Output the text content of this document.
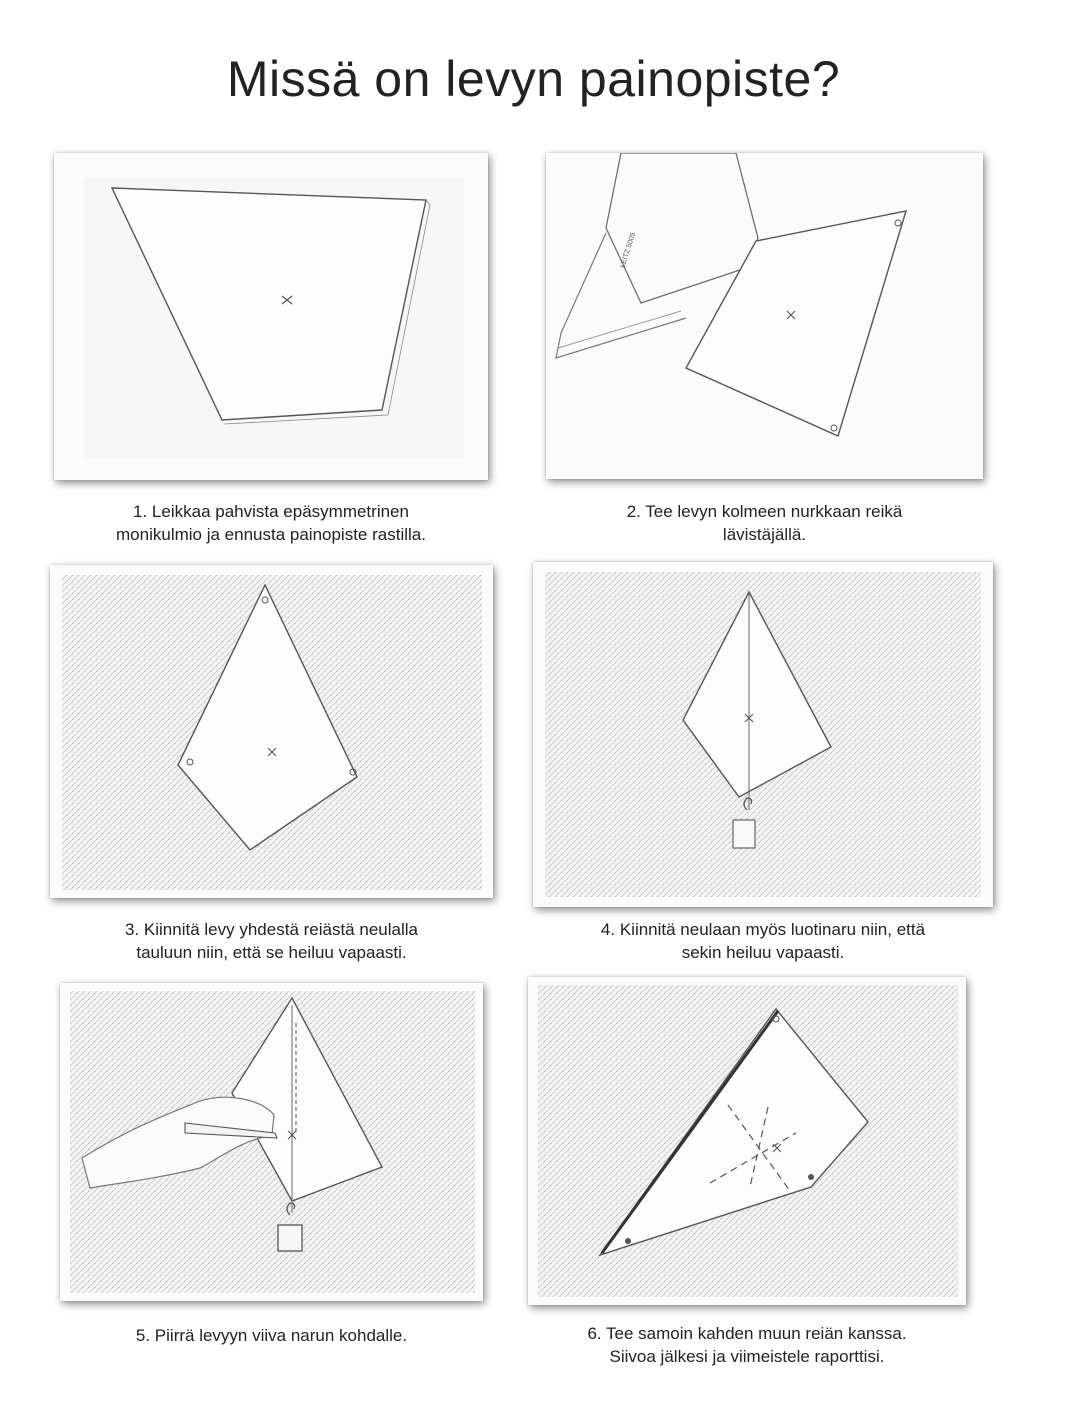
Missä on levyn painopiste?
LEITZ 5005
1. Leikkaa pahvista epäsymmetrinen
monikulmio ja ennusta painopiste rastilla.
2. Tee levyn kolmeen nurkkaan reikä
lävistäjällä.
3. Kiinnitä levy yhdestä reiästä neulalla
tauluun niin, että se heiluu vapaasti.
4. Kiinnitä neulaan myös luotinaru niin, että
sekin heiluu vapaasti.
5. Piirrä levyyn viiva narun kohdalle.	6. Tee samoin kahden muun reiän kanssa.
Siivoa jälkesi ja viimeistele raporttisi.
